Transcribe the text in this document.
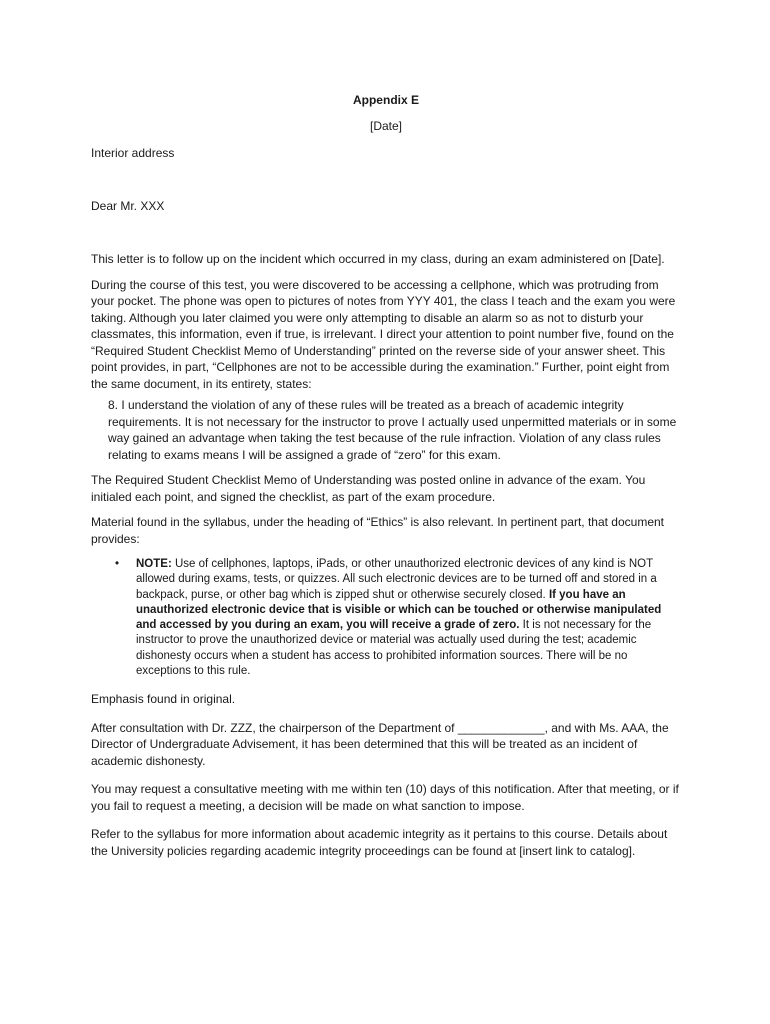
Appendix E

[Date]

Interior address

Dear Mr. XXX

This letter is to follow up on the incident which occurred in my class, during an exam administered on [Date].

During the course of this test, you were discovered to be accessing a cellphone, which was protruding from your pocket. The phone was open to pictures of notes from YYY 401, the class I teach and the exam you were taking. Although you later claimed you were only attempting to disable an alarm so as not to disturb your classmates, this information, even if true, is irrelevant. I direct your attention to point number five, found on the “Required Student Checklist Memo of Understanding” printed on the reverse side of your answer sheet. This point provides, in part, “Cellphones are not to be accessible during the examination.” Further, point eight from the same document, in its entirety, states:

8. I understand the violation of any of these rules will be treated as a breach of academic integrity requirements. It is not necessary for the instructor to prove I actually used unpermitted materials or in some way gained an advantage when taking the test because of the rule infraction. Violation of any class rules relating to exams means I will be assigned a grade of “zero” for this exam.

The Required Student Checklist Memo of Understanding was posted online in advance of the exam. You initialed each point, and signed the checklist, as part of the exam procedure.

Material found in the syllabus, under the heading of “Ethics” is also relevant. In pertinent part, that document provides:

• NOTE: Use of cellphones, laptops, iPads, or other unauthorized electronic devices of any kind is NOT allowed during exams, tests, or quizzes. All such electronic devices are to be turned off and stored in a backpack, purse, or other bag which is zipped shut or otherwise securely closed. If you have an unauthorized electronic device that is visible or which can be touched or otherwise manipulated and accessed by you during an exam, you will receive a grade of zero. It is not necessary for the instructor to prove the unauthorized device or material was actually used during the test; academic dishonesty occurs when a student has access to prohibited information sources. There will be no exceptions to this rule.

Emphasis found in original.

After consultation with Dr. ZZZ, the chairperson of the Department of _____________, and with Ms. AAA, the Director of Undergraduate Advisement, it has been determined that this will be treated as an incident of academic dishonesty.

You may request a consultative meeting with me within ten (10) days of this notification. After that meeting, or if you fail to request a meeting, a decision will be made on what sanction to impose.

Refer to the syllabus for more information about academic integrity as it pertains to this course. Details about the University policies regarding academic integrity proceedings can be found at [insert link to catalog].
